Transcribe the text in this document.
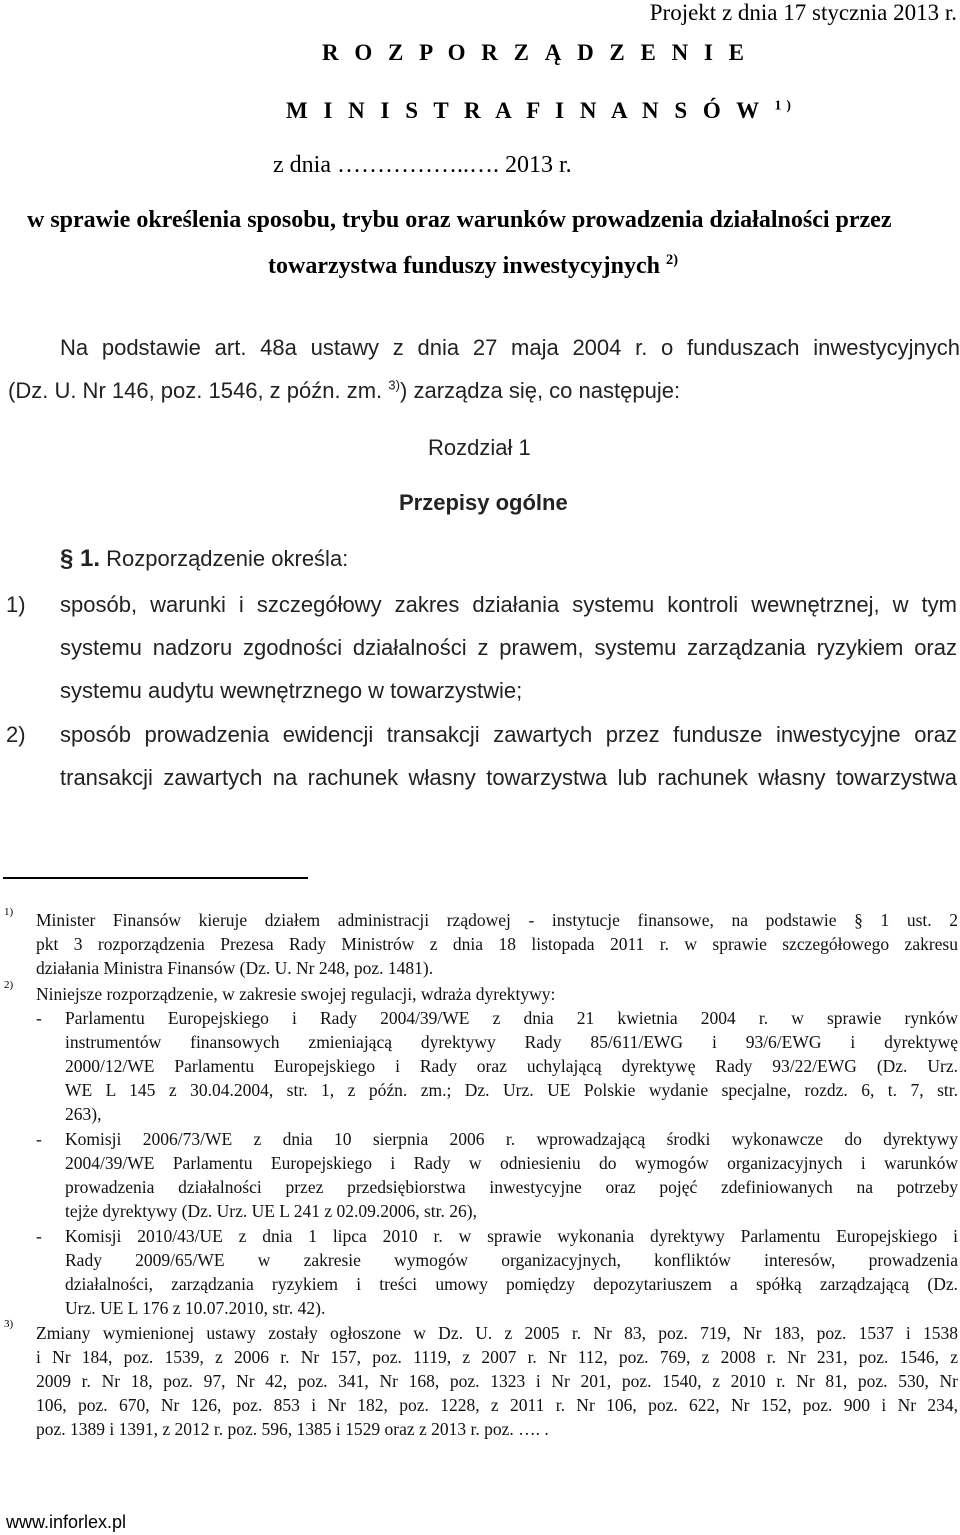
Projekt z dnia 17 stycznia 2013 r.
R O Z P O R Z Ą D Z E N I E
M I N I S T R A F I N A N S Ó W $^{1)}$
z dnia ……………..…. 2013 r.
w sprawie określenia sposobu, trybu oraz warunków prowadzenia działalności przez
towarzystwa funduszy inwestycyjnych $^{2)}$
Na podstawie art. 48a ustawy z dnia 27 maja 2004 r. o funduszach inwestycyjnych
(Dz. U. Nr 146, poz. 1546, z późn. zm. $^{3)}$) zarządza się, co następuje:
Rozdział 1
Przepisy ogólne
§ 1. Rozporządzenie określa:
1) sposób, warunki i szczegółowy zakres działania systemu kontroli wewnętrznej, w tym
systemu nadzoru zgodności działalności z prawem, systemu zarządzania ryzykiem oraz
systemu audytu wewnętrznego w towarzystwie;
2) sposób prowadzenia ewidencji transakcji zawartych przez fundusze inwestycyjne oraz
transakcji zawartych na rachunek własny towarzystwa lub rachunek własny towarzystwa
1) Minister Finansów kieruje działem administracji rządowej - instytucje finansowe, na podstawie § 1 ust. 2
pkt 3 rozporządzenia Prezesa Rady Ministrów z dnia 18 listopada 2011 r. w sprawie szczegółowego zakresu
działania Ministra Finansów (Dz. U. Nr 248, poz. 1481).
2) Niniejsze rozporządzenie, w zakresie swojej regulacji, wdraża dyrektywy:
- Parlamentu Europejskiego i Rady 2004/39/WE z dnia 21 kwietnia 2004 r. w sprawie rynków
instrumentów finansowych zmieniającą dyrektywy Rady 85/611/EWG i 93/6/EWG i dyrektywę
2000/12/WE Parlamentu Europejskiego i Rady oraz uchylającą dyrektywę Rady 93/22/EWG (Dz. Urz.
WE L 145 z 30.04.2004, str. 1, z późn. zm.; Dz. Urz. UE Polskie wydanie specjalne, rozdz. 6, t. 7, str.
263),
- Komisji 2006/73/WE z dnia 10 sierpnia 2006 r. wprowadzającą środki wykonawcze do dyrektywy
2004/39/WE Parlamentu Europejskiego i Rady w odniesieniu do wymogów organizacyjnych i warunków
prowadzenia działalności przez przedsiębiorstwa inwestycyjne oraz pojęć zdefiniowanych na potrzeby
tejże dyrektywy (Dz. Urz. UE L 241 z 02.09.2006, str. 26),
- Komisji 2010/43/UE z dnia 1 lipca 2010 r. w sprawie wykonania dyrektywy Parlamentu Europejskiego i
Rady 2009/65/WE w zakresie wymogów organizacyjnych, konfliktów interesów, prowadzenia
działalności, zarządzania ryzykiem i treści umowy pomiędzy depozytariuszem a spółką zarządzającą (Dz.
Urz. UE L 176 z 10.07.2010, str. 42).
3) Zmiany wymienionej ustawy zostały ogłoszone w Dz. U. z 2005 r. Nr 83, poz. 719, Nr 183, poz. 1537 i 1538
i Nr 184, poz. 1539, z 2006 r. Nr 157, poz. 1119, z 2007 r. Nr 112, poz. 769, z 2008 r. Nr 231, poz. 1546, z
2009 r. Nr 18, poz. 97, Nr 42, poz. 341, Nr 168, poz. 1323 i Nr 201, poz. 1540, z 2010 r. Nr 81, poz. 530, Nr
106, poz. 670, Nr 126, poz. 853 i Nr 182, poz. 1228, z 2011 r. Nr 106, poz. 622, Nr 152, poz. 900 i Nr 234,
poz. 1389 i 1391, z 2012 r. poz. 596, 1385 i 1529 oraz z 2013 r. poz. …. .
www.inforlex.pl
